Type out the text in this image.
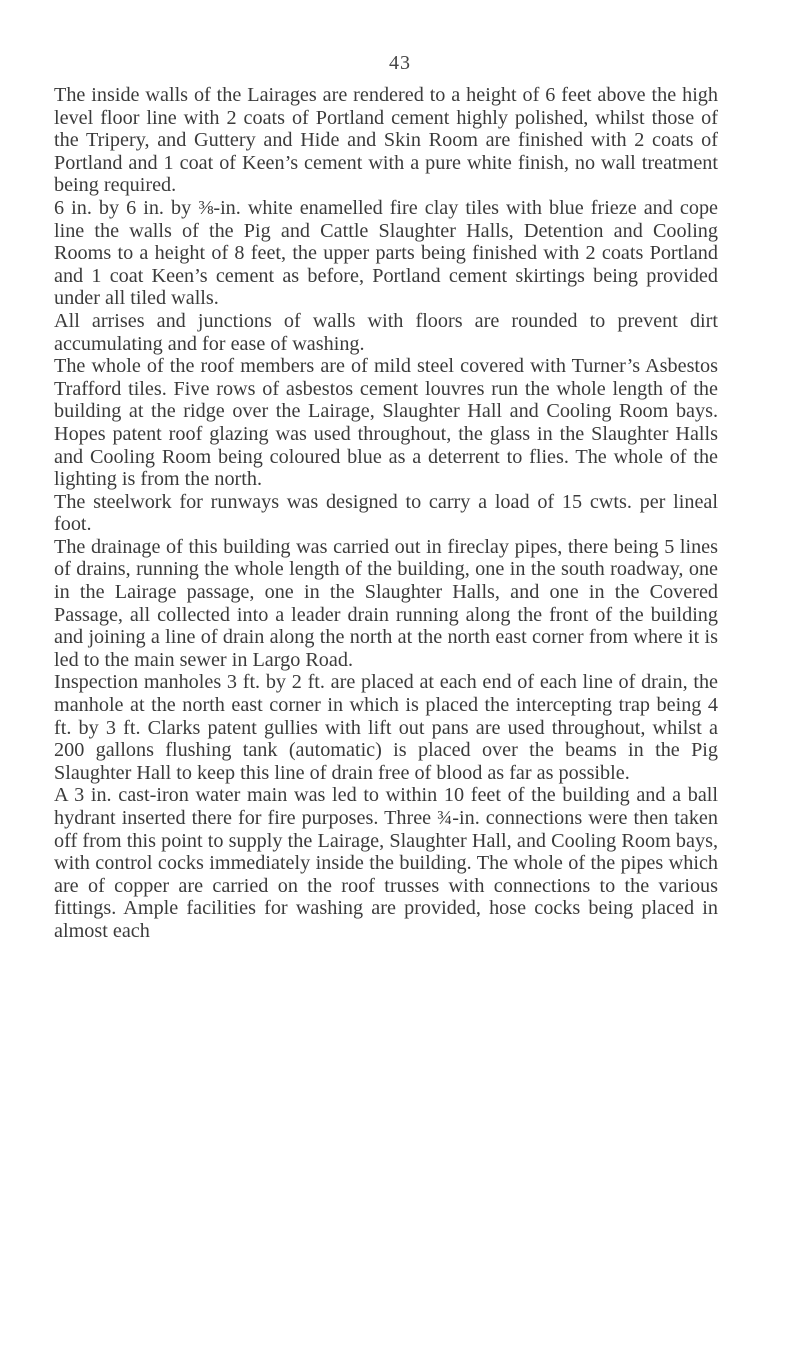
43

The inside walls of the Lairages are rendered to a height of 6 feet above the high level floor line with 2 coats of Portland cement highly polished, whilst those of the Tripery, and Guttery and Hide and Skin Room are finished with 2 coats of Portland and 1 coat of Keen’s cement with a pure white finish, no wall treatment being required.

6 in. by 6 in. by ⅜-in. white enamelled fire clay tiles with blue frieze and cope line the walls of the Pig and Cattle Slaughter Halls, Detention and Cooling Rooms to a height of 8 feet, the upper parts being finished with 2 coats Portland and 1 coat Keen’s cement as before, Portland cement skirtings being provided under all tiled walls.

All arrises and junctions of walls with floors are rounded to prevent dirt accumulating and for ease of washing.

The whole of the roof members are of mild steel covered with Turner’s Asbestos Trafford tiles. Five rows of asbestos cement louvres run the whole length of the building at the ridge over the Lairage, Slaughter Hall and Cooling Room bays. Hopes patent roof glazing was used throughout, the glass in the Slaughter Halls and Cooling Room being coloured blue as a deterrent to flies. The whole of the lighting is from the north.

The steelwork for runways was designed to carry a load of 15 cwts. per lineal foot.

The drainage of this building was carried out in fireclay pipes, there being 5 lines of drains, running the whole length of the building, one in the south roadway, one in the Lairage passage, one in the Slaughter Halls, and one in the Covered Passage, all collected into a leader drain running along the front of the building and joining a line of drain along the north at the north east corner from where it is led to the main sewer in Largo Road.

Inspection manholes 3 ft. by 2 ft. are placed at each end of each line of drain, the manhole at the north east corner in which is placed the intercepting trap being 4 ft. by 3 ft. Clarks patent gullies with lift out pans are used throughout, whilst a 200 gallons flushing tank (automatic) is placed over the beams in the Pig Slaughter Hall to keep this line of drain free of blood as far as possible.

A 3 in. cast-iron water main was led to within 10 feet of the building and a ball hydrant inserted there for fire purposes. Three ¾-in. connections were then taken off from this point to supply the Lairage, Slaughter Hall, and Cooling Room bays, with control cocks immediately inside the building. The whole of the pipes which are of copper are carried on the roof trusses with connections to the various fittings. Ample facilities for washing are provided, hose cocks being placed in almost each
